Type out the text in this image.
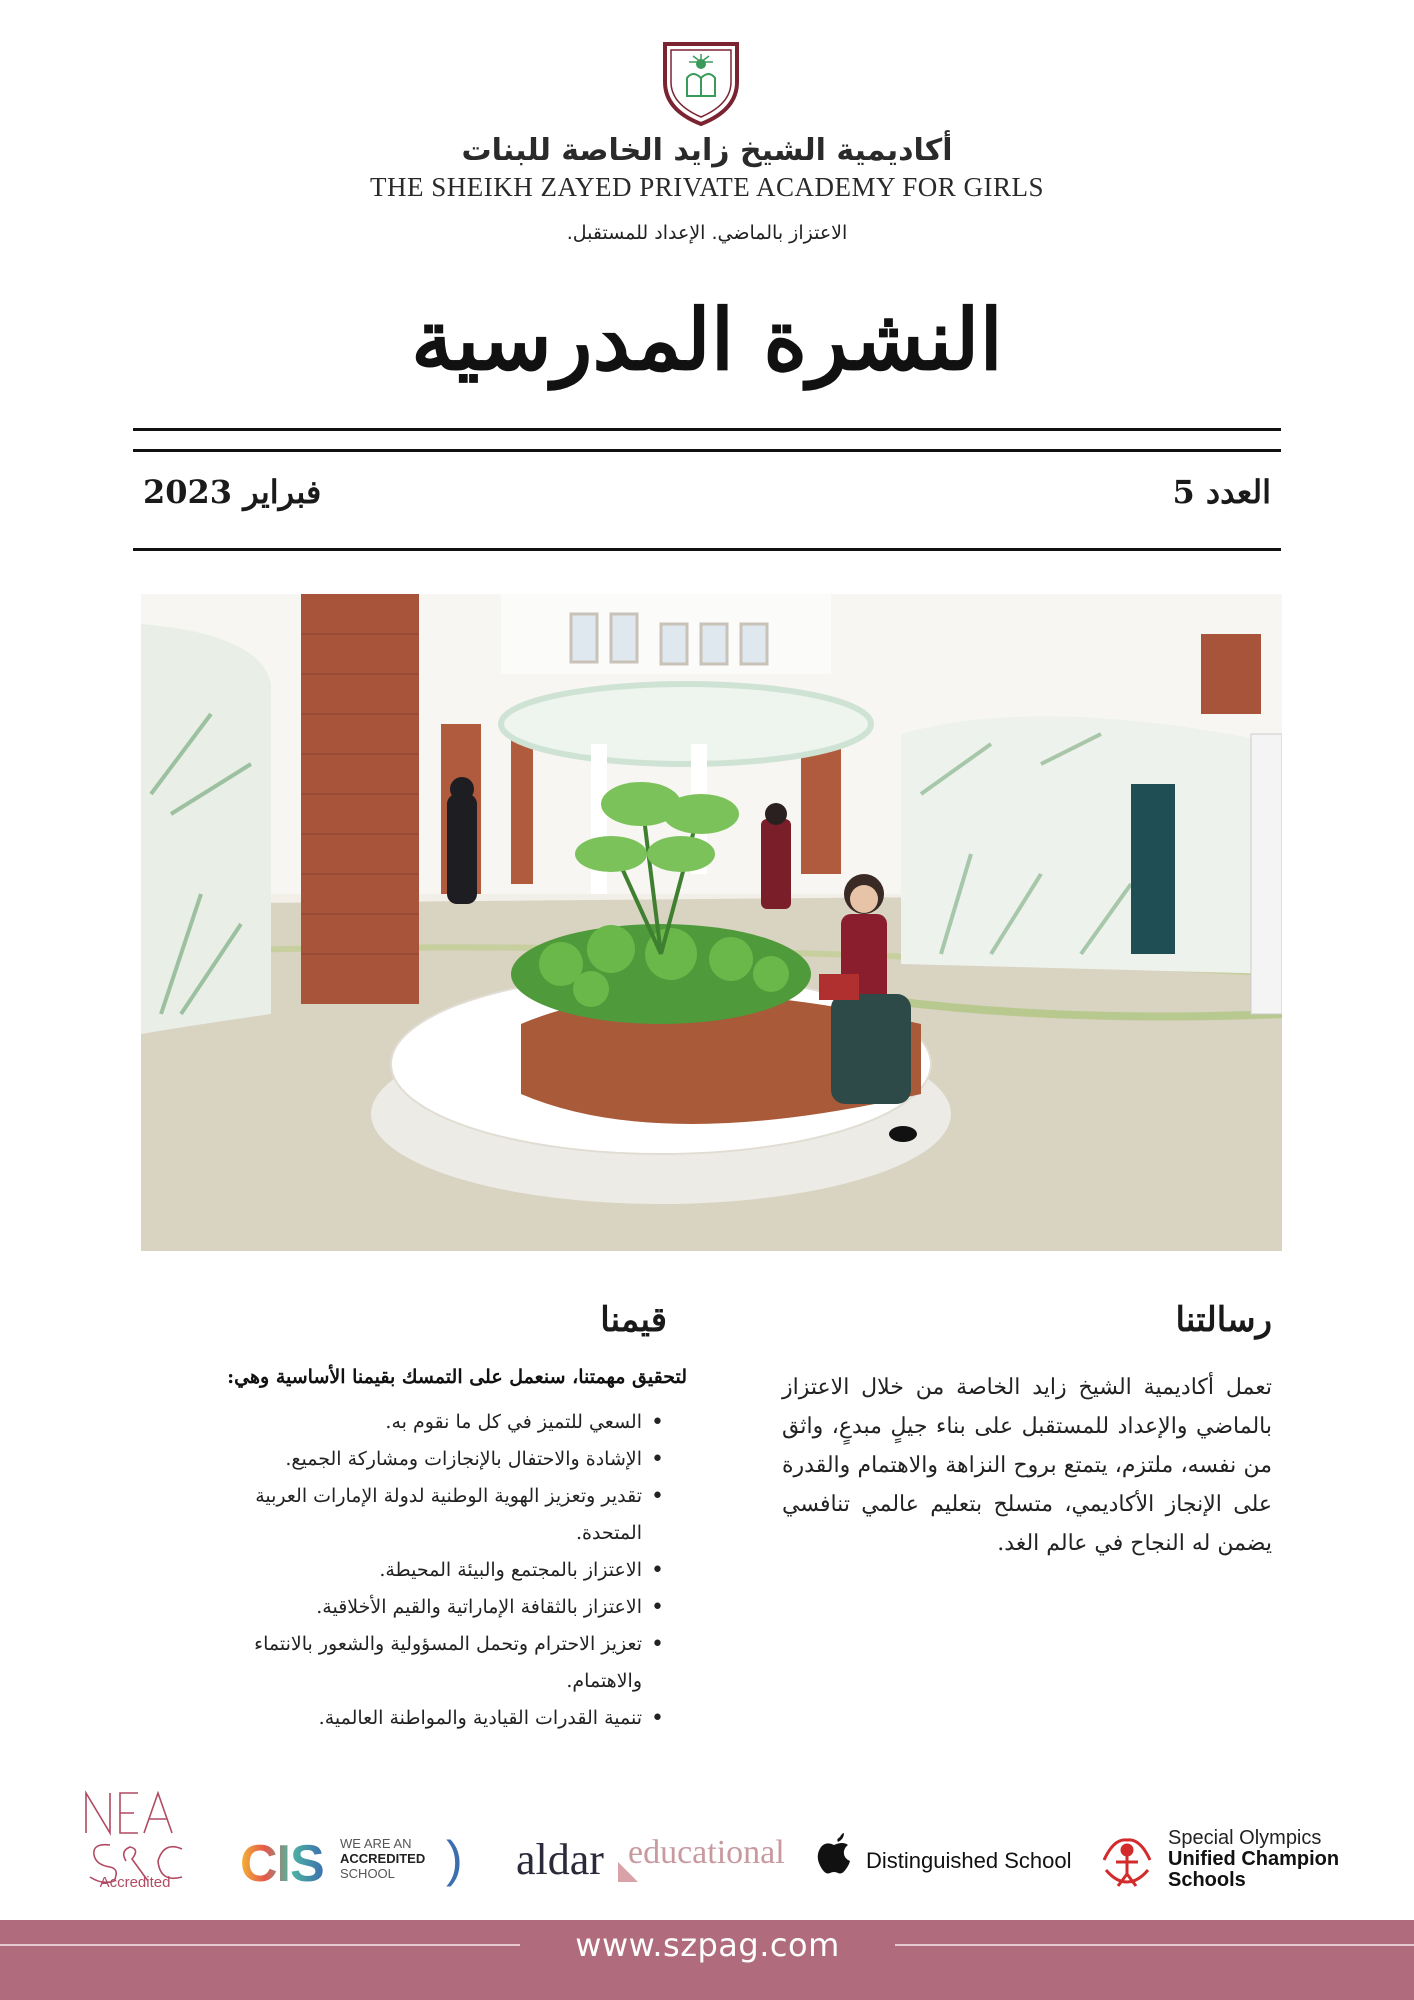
أكاديمية الشيخ زايد الخاصة للبنات
THE SHEIKH ZAYED PRIVATE ACADEMY FOR GIRLS
الاعتزاز بالماضي. الإعداد للمستقبل.
النشرة المدرسية
العدد 5
فبراير 2023
رسالتنا

تعمل أكاديمية الشيخ زايد الخاصة من خلال الاعتزاز بالماضي والإعداد للمستقبل على بناء جيلٍ مبدعٍ، واثق من نفسه، ملتزم، يتمتع بروح النزاهة والاهتمام والقدرة على الإنجاز الأكاديمي، متسلح بتعليم عالمي تنافسي يضمن له النجاح في عالم الغد.

قيمنا
لتحقيق مهمتنا، سنعمل على التمسك بقيمنا الأساسية وهي:
• السعي للتميز في كل ما نقوم به.
• الإشادة والاحتفال بالإنجازات ومشاركة الجميع.
• تقدير وتعزيز الهوية الوطنية لدولة الإمارات العربية المتحدة.
• الاعتزاز بالمجتمع والبيئة المحيطة.
• الاعتزاز بالثقافة الإماراتية والقيم الأخلاقية.
• تعزيز الاحترام وتحمل المسؤولية والشعور بالانتماء والاهتمام.
• تنمية القدرات القيادية والمواطنة العالمية.
Accredited	CIS WE ARE AN
ACCREDITED
SCHOOL	) aldar educational	Distinguished School
Special Olympics
Unified Champion
Schools
www.szpag.com
